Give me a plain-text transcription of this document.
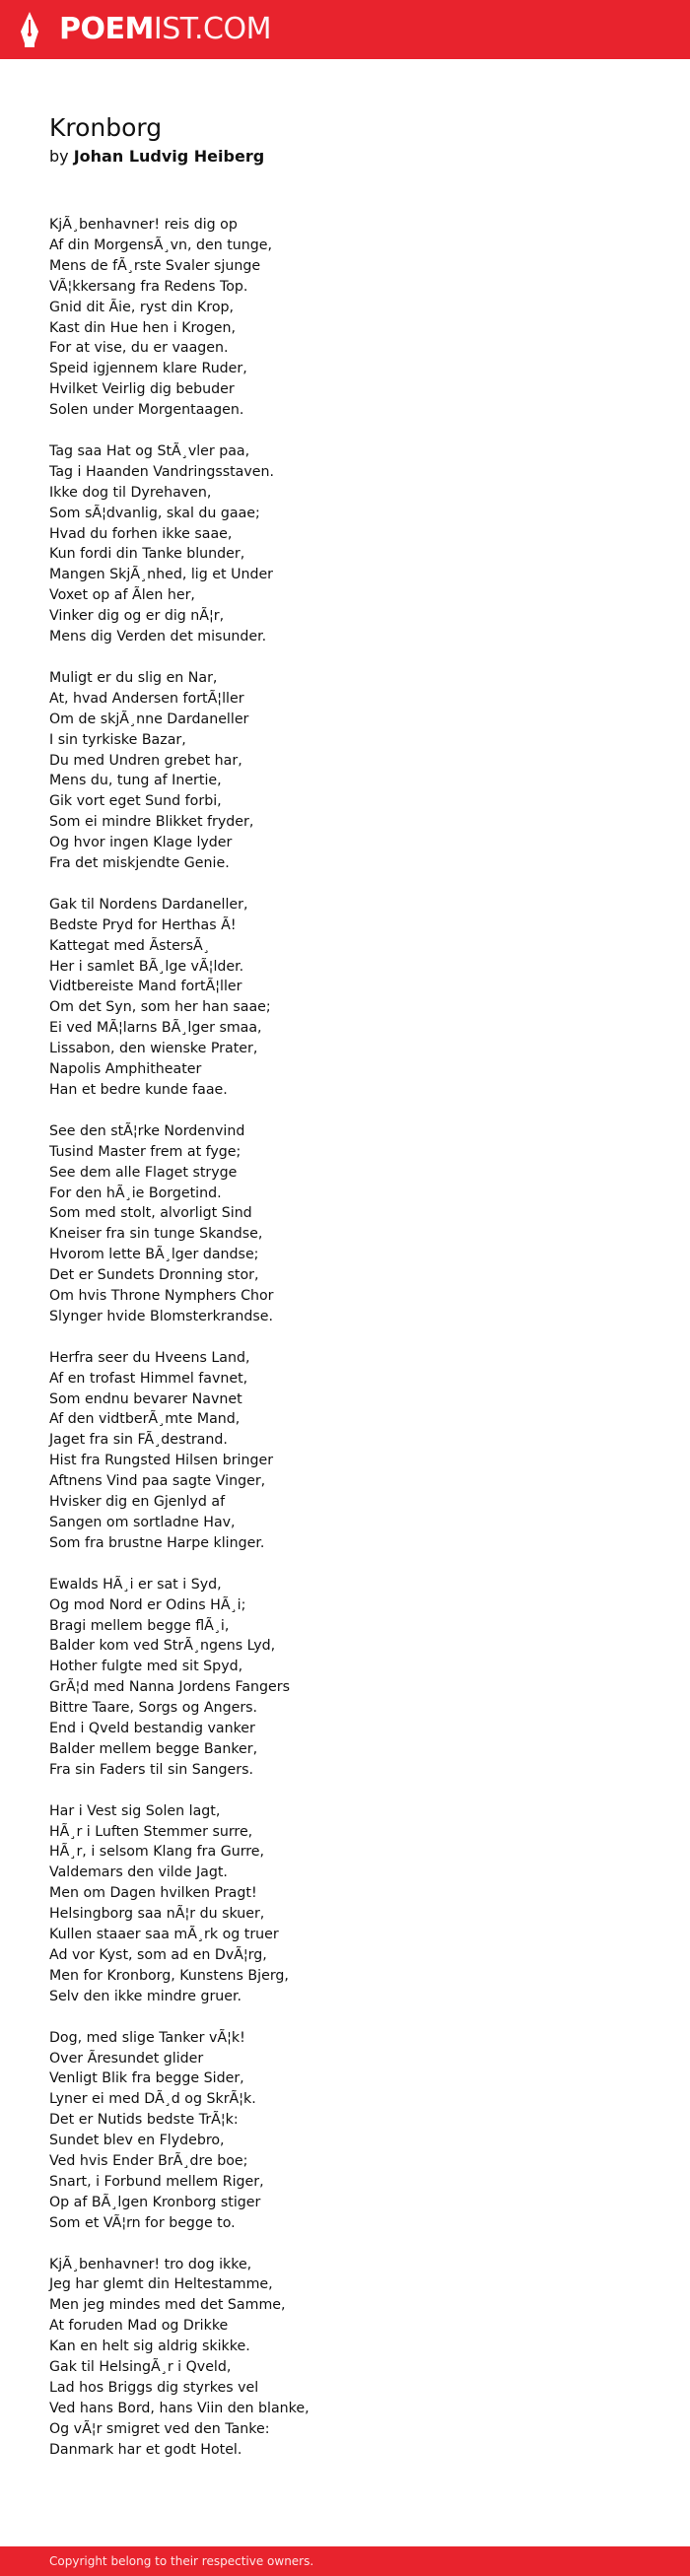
POEMIST.COM
Kronborg
by Johan Ludvig Heiberg
KjÃ¸benhavner! reis dig op
Af din MorgensÃ¸vn, den tunge,
Mens de fÃ¸rste Svaler sjunge
VÃ¦kkersang fra Redens Top.
Gnid dit Ãie, ryst din Krop,
Kast din Hue hen i Krogen,
For at vise, du er vaagen.
Speid igjennem klare Ruder,
Hvilket Veirlig dig bebuder
Solen under Morgentaagen.
Tag saa Hat og StÃ¸vler paa,
Tag i Haanden Vandringsstaven.
Ikke dog til Dyrehaven,
Som sÃ¦dvanlig, skal du gaae;
Hvad du forhen ikke saae,
Kun fordi din Tanke blunder,
Mangen SkjÃ¸nhed, lig et Under
Voxet op af Ãlen her,
Vinker dig og er dig nÃ¦r,
Mens dig Verden det misunder.
Muligt er du slig en Nar,
At, hvad Andersen fortÃ¦ller
Om de skjÃ¸nne Dardaneller
I sin tyrkiske Bazar,
Du med Undren grebet har,
Mens du, tung af Inertie,
Gik vort eget Sund forbi,
Som ei mindre Blikket fryder,
Og hvor ingen Klage lyder
Fra det miskjendte Genie.
Gak til Nordens Dardaneller,
Bedste Pryd for Herthas Ã!
Kattegat med ÃstersÃ¸
Her i samlet BÃ¸lge vÃ¦lder.
Vidtbereiste Mand fortÃ¦ller
Om det Syn, som her han saae;
Ei ved MÃ¦larns BÃ¸lger smaa,
Lissabon, den wienske Prater,
Napolis Amphitheater
Han et bedre kunde faae.
See den stÃ¦rke Nordenvind
Tusind Master frem at fyge;
See dem alle Flaget stryge
For den hÃ¸ie Borgetind.
Som med stolt, alvorligt Sind
Kneiser fra sin tunge Skandse,
Hvorom lette BÃ¸lger dandse;
Det er Sundets Dronning stor,
Om hvis Throne Nymphers Chor
Slynger hvide Blomsterkrandse.
Herfra seer du Hveens Land,
Af en trofast Himmel favnet,
Som endnu bevarer Navnet
Af den vidtberÃ¸mte Mand,
Jaget fra sin FÃ¸destrand.
Hist fra Rungsted Hilsen bringer
Aftnens Vind paa sagte Vinger,
Hvisker dig en Gjenlyd af
Sangen om sortladne Hav,
Som fra brustne Harpe klinger.
Ewalds HÃ¸i er sat i Syd,
Og mod Nord er Odins HÃ¸i;
Bragi mellem begge flÃ¸i,
Balder kom ved StrÃ¸ngens Lyd,
Hother fulgte med sit Spyd,
GrÃ¦d med Nanna Jordens Fangers
Bittre Taare, Sorgs og Angers.
End i Qveld bestandig vanker
Balder mellem begge Banker,
Fra sin Faders til sin Sangers.
Har i Vest sig Solen lagt,
HÃ¸r i Luften Stemmer surre,
HÃ¸r, i selsom Klang fra Gurre,
Valdemars den vilde Jagt.
Men om Dagen hvilken Pragt!
Helsingborg saa nÃ¦r du skuer,
Kullen staaer saa mÃ¸rk og truer
Ad vor Kyst, som ad en DvÃ¦rg,
Men for Kronborg, Kunstens Bjerg,
Selv den ikke mindre gruer.
Dog, med slige Tanker vÃ¦k!
Over Ãresundet glider
Venligt Blik fra begge Sider,
Lyner ei med DÃ¸d og SkrÃ¦k.
Det er Nutids bedste TrÃ¦k:
Sundet blev en Flydebro,
Ved hvis Ender BrÃ¸dre boe;
Snart, i Forbund mellem Riger,
Op af BÃ¸lgen Kronborg stiger
Som et VÃ¦rn for begge to.
KjÃ¸benhavner! tro dog ikke,
Jeg har glemt din Heltestamme,
Men jeg mindes med det Samme,
At foruden Mad og Drikke
Kan en helt sig aldrig skikke.
Gak til HelsingÃ¸r i Qveld,
Lad hos Briggs dig styrkes vel
Ved hans Bord, hans Viin den blanke,
Og vÃ¦r smigret ved den Tanke:
Danmark har et godt Hotel.
Copyright belong to their respective owners.
